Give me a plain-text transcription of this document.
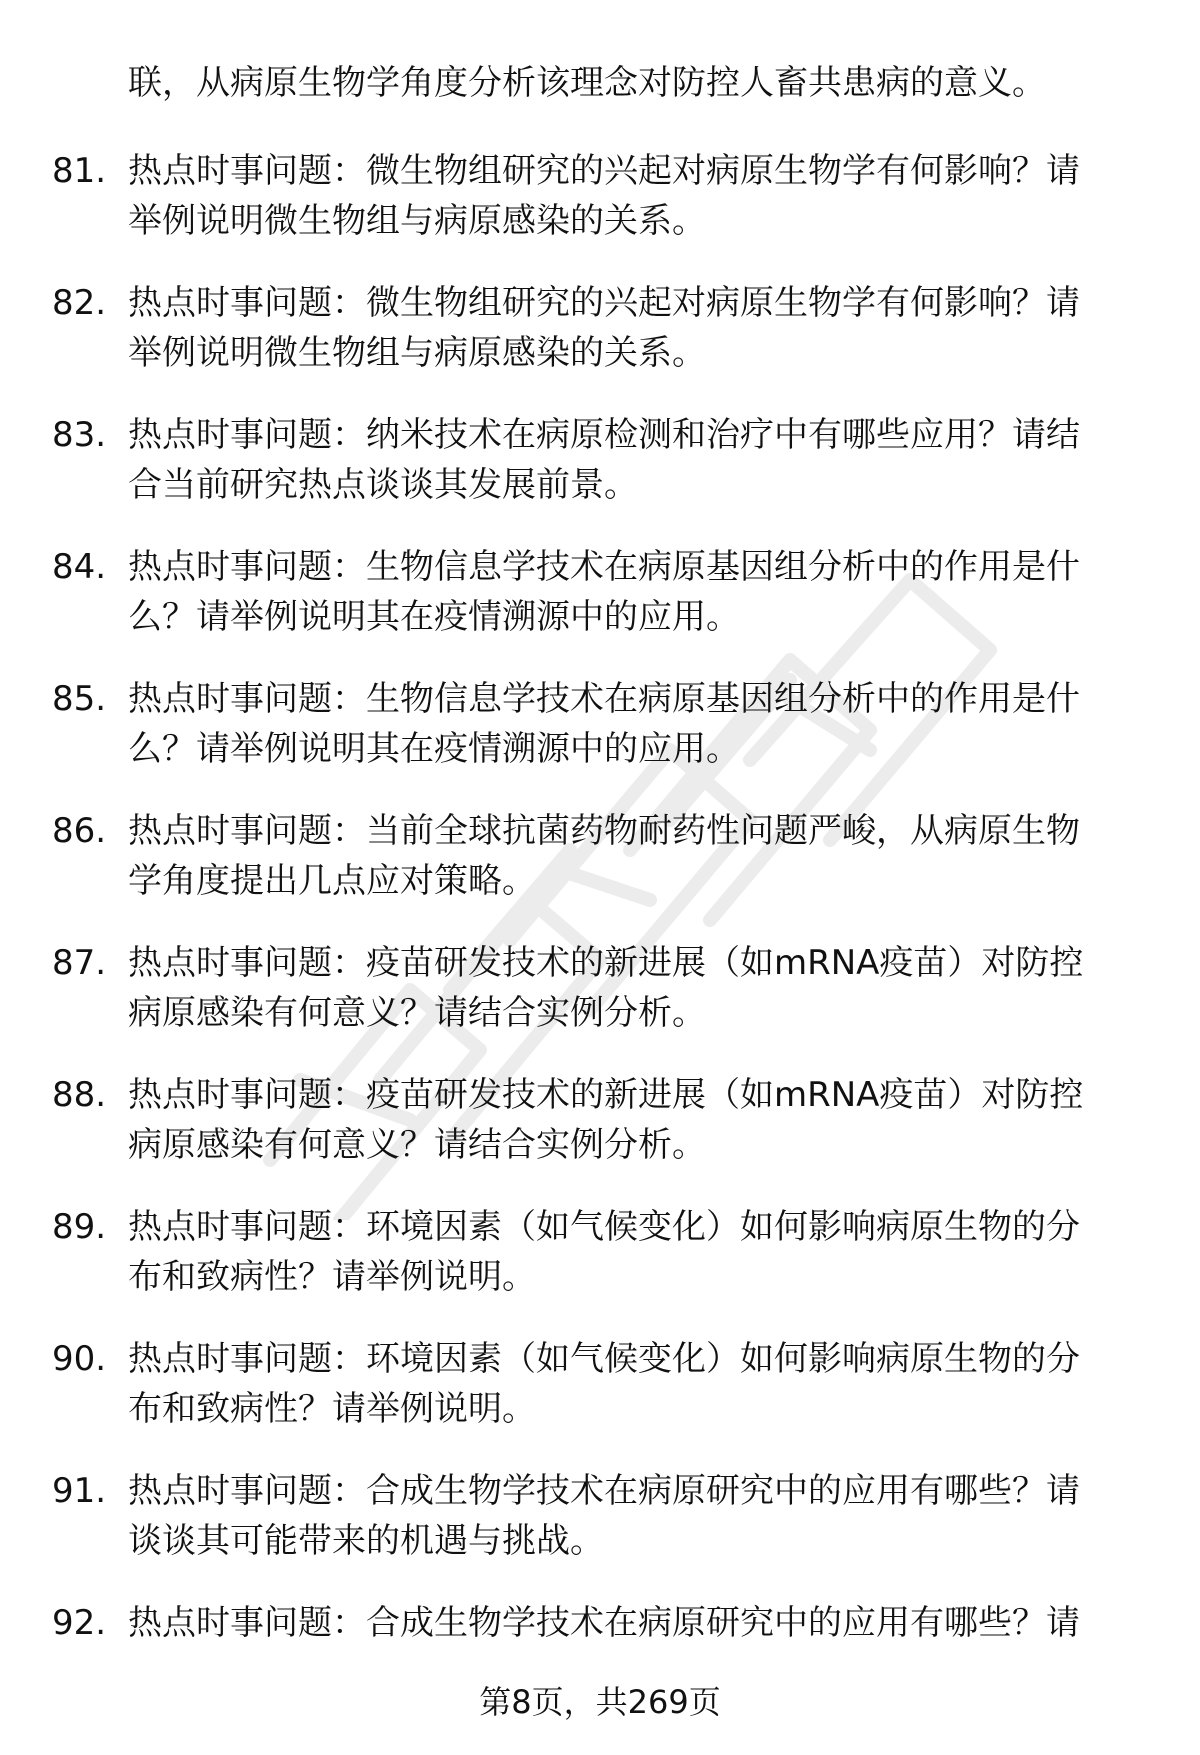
联，从病原生物学角度分析该理念对防控人畜共患病的意义。
81. 热点时事问题：微生物组研究的兴起对病原生物学有何影响？请
举例说明微生物组与病原感染的关系。
82. 热点时事问题：微生物组研究的兴起对病原生物学有何影响？请
举例说明微生物组与病原感染的关系。
83. 热点时事问题：纳米技术在病原检测和治疗中有哪些应用？请结
合当前研究热点谈谈其发展前景。
84. 热点时事问题：生物信息学技术在病原基因组分析中的作用是什
么？请举例说明其在疫情溯源中的应用。
85. 热点时事问题：生物信息学技术在病原基因组分析中的作用是什
么？请举例说明其在疫情溯源中的应用。
86. 热点时事问题：当前全球抗菌药物耐药性问题严峻，从病原生物
学角度提出几点应对策略。
87. 热点时事问题：疫苗研发技术的新进展（如mRNA疫苗）对防控
病原感染有何意义？请结合实例分析。
88. 热点时事问题：疫苗研发技术的新进展（如mRNA疫苗）对防控
病原感染有何意义？请结合实例分析。
89. 热点时事问题：环境因素（如气候变化）如何影响病原生物的分
布和致病性？请举例说明。
90. 热点时事问题：环境因素（如气候变化）如何影响病原生物的分
布和致病性？请举例说明。
91. 热点时事问题：合成生物学技术在病原研究中的应用有哪些？请
谈谈其可能带来的机遇与挑战。
92. 热点时事问题：合成生物学技术在病原研究中的应用有哪些？请
第8页，共269页
